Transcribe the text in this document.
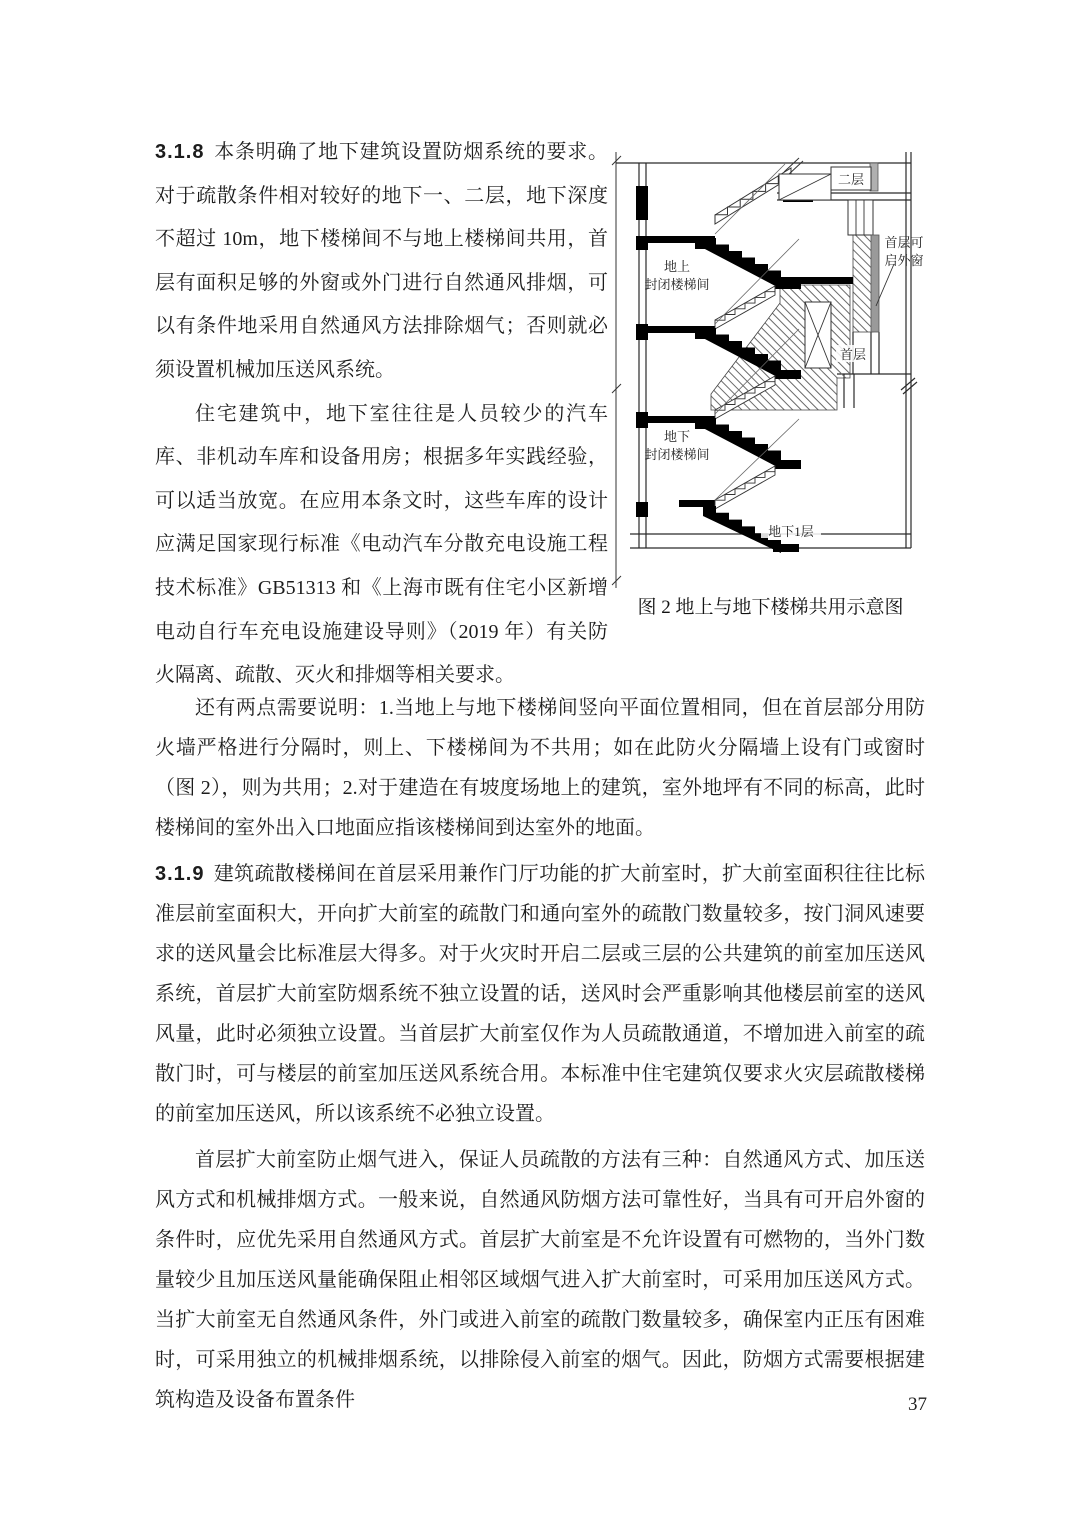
3.1.8 本条明确了地下建筑设置防烟系统的要求。对于疏散条件相对较好的地下一、二层，地下深度不超过 10m，地下楼梯间不与地上楼梯间共用，首层有面积足够的外窗或外门进行自然通风排烟，可以有条件地采用自然通风方法排除烟气；否则就必须设置机械加压送风系统。

住宅建筑中，地下室往往是人员较少的汽车库、非机动车库和设备用房；根据多年实践经验，可以适当放宽。在应用本条文时，这些车库的设计应满足国家现行标准《电动汽车分散充电设施工程技术标准》GB51313 和《上海市既有住宅小区新增电动自行车充电设施建设导则》（2019 年）有关防火隔离、疏散、灭火和排烟等相关要求。

二层
首层可
启外窗
地上
封闭楼梯间
地下
封闭楼梯间
首层
地下1层
图 2 地上与地下楼梯共用示意图

还有两点需要说明：1.当地上与地下楼梯间竖向平面位置相同，但在首层部分用防火墙严格进行分隔时，则上、下楼梯间为不共用；如在此防火分隔墙上设有门或窗时（图 2），则为共用；2.对于建造在有坡度场地上的建筑，室外地坪有不同的标高，此时楼梯间的室外出入口地面应指该楼梯间到达室外的地面。

3.1.9 建筑疏散楼梯间在首层采用兼作门厅功能的扩大前室时，扩大前室面积往往比标准层前室面积大，开向扩大前室的疏散门和通向室外的疏散门数量较多，按门洞风速要求的送风量会比标准层大得多。对于火灾时开启二层或三层的公共建筑的前室加压送风系统，首层扩大前室防烟系统不独立设置的话，送风时会严重影响其他楼层前室的送风风量，此时必须独立设置。当首层扩大前室仅作为人员疏散通道，不增加进入前室的疏散门时，可与楼层的前室加压送风系统合用。本标准中住宅建筑仅要求火灾层疏散楼梯的前室加压送风，所以该系统不必独立设置。

首层扩大前室防止烟气进入，保证人员疏散的方法有三种：自然通风方式、加压送风方式和机械排烟方式。一般来说，自然通风防烟方法可靠性好，当具有可开启外窗的条件时，应优先采用自然通风方式。首层扩大前室是不允许设置有可燃物的，当外门数量较少且加压送风量能确保阻止相邻区域烟气进入扩大前室时，可采用加压送风方式。当扩大前室无自然通风条件，外门或进入前室的疏散门数量较多，确保室内正压有困难时，可采用独立的机械排烟系统，以排除侵入前室的烟气。因此，防烟方式需要根据建筑构造及设备布置条件	37
